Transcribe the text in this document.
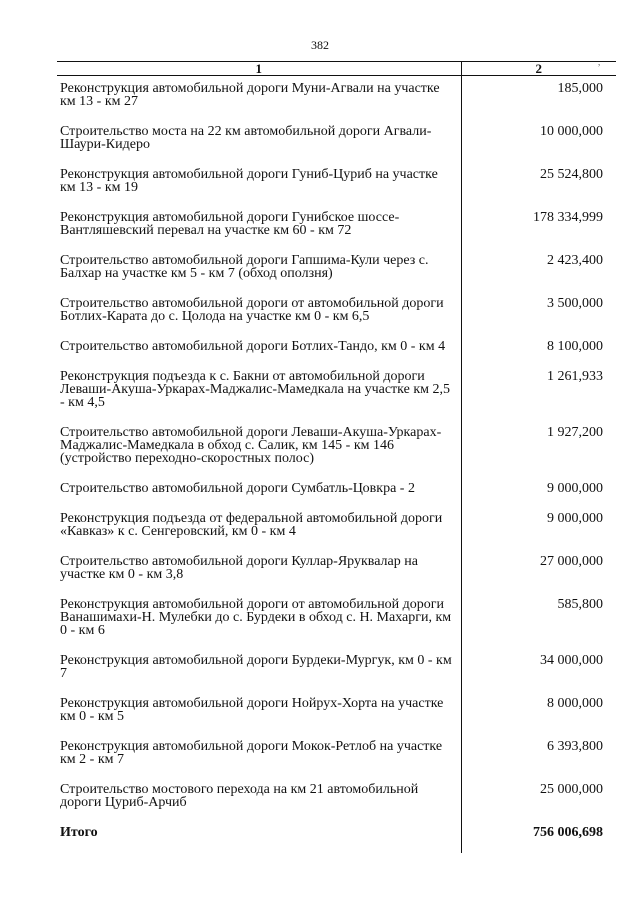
382
,
1	2
Реконструкция автомобильной дороги Муни-Агвали на участке км 13 - км 27	185,000
Строительство моста на 22 км автомобильной дороги Агвали-Шаури-Кидеро	10 000,000
Реконструкция автомобильной дороги Гуниб-Цуриб на участке км 13 - км 19	25 524,800
Реконструкция автомобильной дороги Гунибское шоссе-Вантляшевский перевал на участке км 60 - км 72	178 334,999
Строительство автомобильной дороги Гапшима-Кули через с. Балхар на участке км 5 - км 7 (обход оползня)	2 423,400
Строительство автомобильной дороги от автомобильной дороги Ботлих-Карата до с. Цолода на участке км 0 - км 6,5	3 500,000
Строительство автомобильной дороги Ботлих-Тандо, км 0 - км 4	8 100,000
Реконструкция подъезда к с. Бакни от автомобильной дороги Леваши-Акуша-Уркарах-Маджалис-Мамедкала на участке км 2,5 - км 4,5	1 261,933
Строительство автомобильной дороги Леваши-Акуша-Уркарах-Маджалис-Мамедкала в обход с. Салик, км 145 - км 146 (устройство переходно-скоростных полос)	1 927,200
Строительство автомобильной дороги Сумбатль-Цовкра - 2	9 000,000
Реконструкция подъезда от федеральной автомобильной дороги «Кавказ» к с. Сенгеровский, км 0 - км 4	9 000,000
Строительство автомобильной дороги Куллар-Яруквалар на участке км 0 - км 3,8	27 000,000
Реконструкция автомобильной дороги от автомобильной дороги Ванашимахи-Н. Мулебки до с. Бурдеки в обход с. Н. Махарги, км 0 - км 6	585,800
Реконструкция автомобильной дороги Бурдеки-Мургук, км 0 - км 7	34 000,000
Реконструкция автомобильной дороги Нойрух-Хорта на участке км 0 - км 5	8 000,000
Реконструкция автомобильной дороги Мокок-Ретлоб на участке км 2 - км 7	6 393,800
Строительство мостового перехода на км 21 автомобильной дороги Цуриб-Арчиб	25 000,000
Итого	756 006,698
